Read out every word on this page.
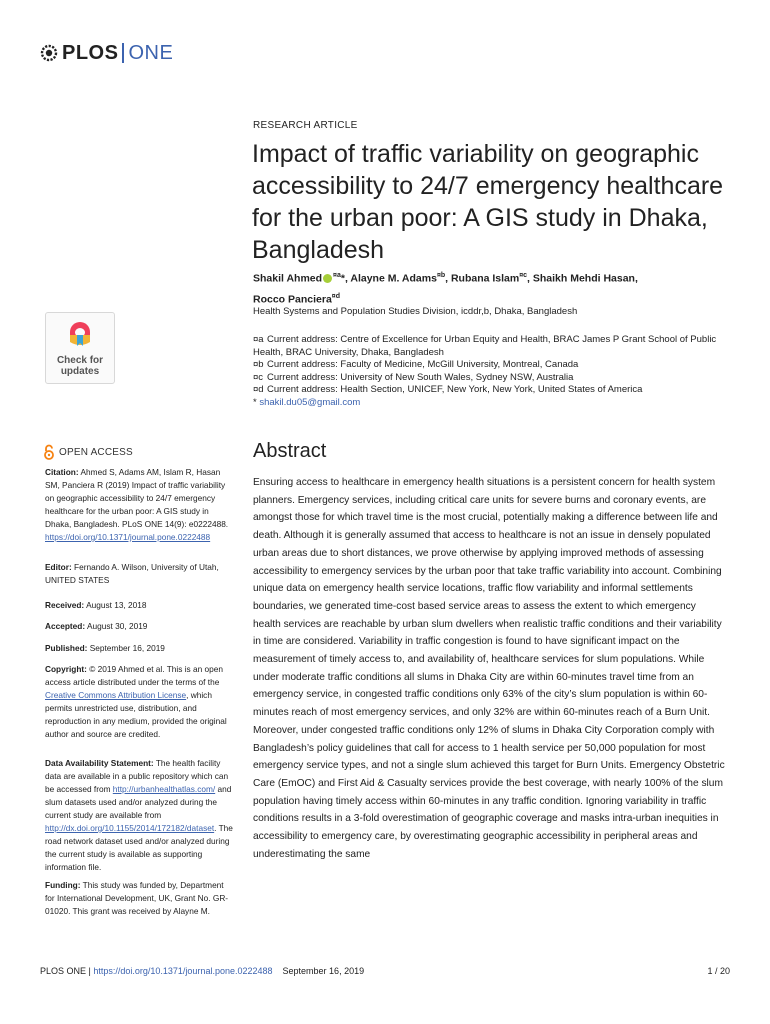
PLOS ONE
RESEARCH ARTICLE
Impact of traffic variability on geographic accessibility to 24/7 emergency healthcare for the urban poor: A GIS study in Dhaka, Bangladesh
Shakil Ahmed $^{¤a}$*, Alayne M. Adams$^{¤b}$, Rubana Islam$^{¤c}$, Shaikh Mehdi Hasan,
Rocco Panciera$^{¤d}$
Health Systems and Population Studies Division, icddr,b, Dhaka, Bangladesh
¤a Current address: Centre of Excellence for Urban Equity and Health, BRAC James P Grant School of Public Health, BRAC University, Dhaka, Bangladesh
¤b Current address: Faculty of Medicine, McGill University, Montreal, Canada
¤c Current address: University of New South Wales, Sydney NSW, Australia
¤d Current address: Health Section, UNICEF, New York, New York, United States of America
* shakil.du05@gmail.com
Check for
updates
OPEN ACCESS
Citation: Ahmed S, Adams AM, Islam R, Hasan SM, Panciera R (2019) Impact of traffic variability on geographic accessibility to 24/7 emergency healthcare for the urban poor: A GIS study in Dhaka, Bangladesh. PLoS ONE 14(9): e0222488. https://doi.org/10.1371/journal.pone.0222488
Editor: Fernando A. Wilson, University of Utah, UNITED STATES
Received: August 13, 2018
Accepted: August 30, 2019
Published: September 16, 2019
Copyright: © 2019 Ahmed et al. This is an open access article distributed under the terms of the Creative Commons Attribution License, which permits unrestricted use, distribution, and reproduction in any medium, provided the original author and source are credited.
Data Availability Statement: The health facility data are available in a public repository which can be accessed from http://urbanhealthatlas.com/ and slum datasets used and/or analyzed during the current study are available from http://dx.doi.org/10.1155/2014/172182/dataset. The road network dataset used and/or analyzed during the current study is available as supporting information file.
Funding: This study was funded by, Department for International Development, UK, Grant No. GR-01020. This grant was received by Alayne M.
Abstract
Ensuring access to healthcare in emergency health situations is a persistent concern for health system planners. Emergency services, including critical care units for severe burns and coronary events, are amongst those for which travel time is the most crucial, potentially making a difference between life and death. Although it is generally assumed that access to healthcare is not an issue in densely populated urban areas due to short distances, we prove otherwise by applying improved methods of assessing accessibility to emergency services by the urban poor that take traffic variability into account. Combining unique data on emergency health service locations, traffic flow variability and informal settlements boundaries, we generated time-cost based service areas to assess the extent to which emergency health services are reachable by urban slum dwellers when realistic traffic conditions and their variability in time are considered. Variability in traffic congestion is found to have significant impact on the measurement of timely access to, and availability of, healthcare services for slum populations. While under moderate traffic conditions all slums in Dhaka City are within 60-minutes travel time from an emergency service, in congested traffic conditions only 63% of the city’s slum population is within 60-minutes reach of most emergency services, and only 32% are within 60-minutes reach of a Burn Unit. Moreover, under congested traffic conditions only 12% of slums in Dhaka City Corporation comply with Bangladesh’s policy guidelines that call for access to 1 health service per 50,000 population for most emergency service types, and not a single slum achieved this target for Burn Units. Emergency Obstetric Care (EmOC) and First Aid & Casualty services provide the best coverage, with nearly 100% of the slum population having timely access within 60-minutes in any traffic condition. Ignoring variability in traffic conditions results in a 3-fold overestimation of geographic coverage and masks intra-urban inequities in accessibility to emergency care, by overestimating geographic accessibility in peripheral areas and underestimating the same
PLOS ONE | https://doi.org/10.1371/journal.pone.0222488 September 16, 2019	1 / 20
